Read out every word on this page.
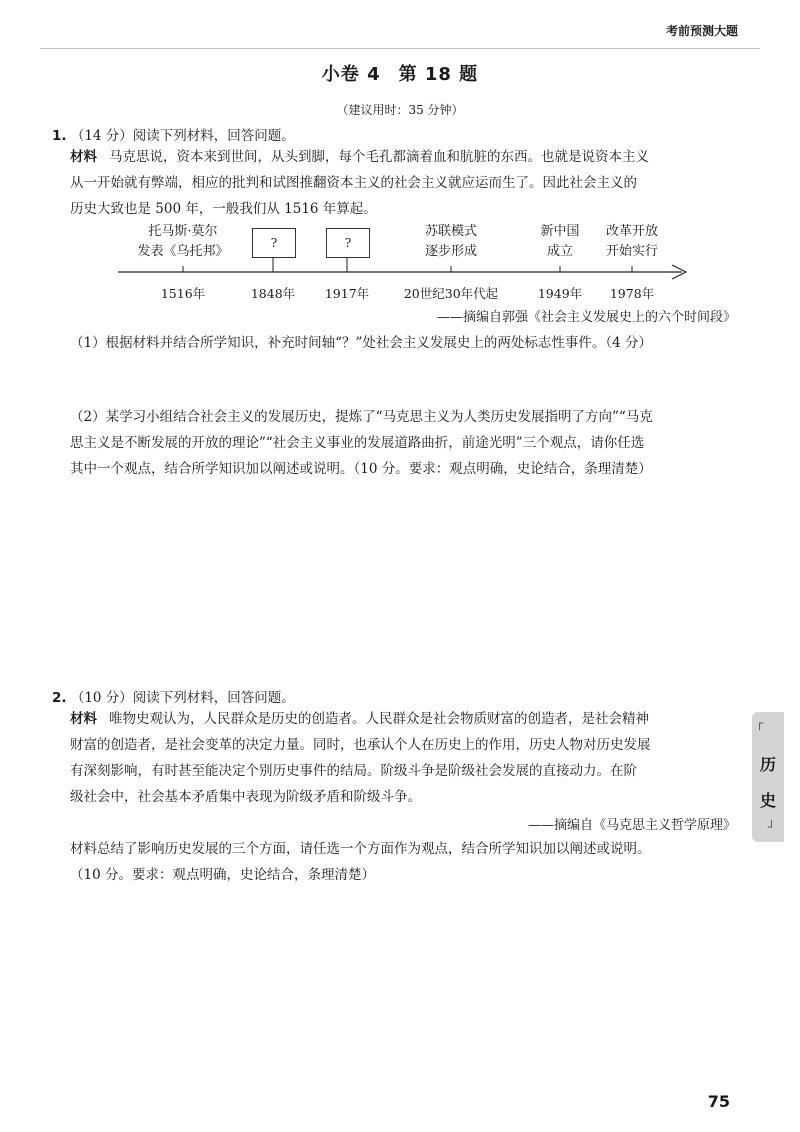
考前预测大题
小卷 4 第 18 题
（建议用时：35 分钟）
1. （14 分）阅读下列材料，回答问题。
材料 马克思说，资本来到世间，从头到脚，每个毛孔都滴着血和肮脏的东西。也就是说资本主义
从一开始就有弊端，相应的批判和试图推翻资本主义的社会主义就应运而生了。因此社会主义的
历史大致也是 500 年，一般我们从 1516 年算起。
托马斯·莫尔
发表《乌托邦》
?	?
苏联模式
逐步形成
新中国
成立
改革开放
开始实行
1516年	1848年	1917年	20世纪30年代起	1949年	1978年
——摘编自郭强《社会主义发展史上的六个时间段》
（1）根据材料并结合所学知识，补充时间轴“？”处社会主义发展史上的两处标志性事件。（4 分）
（2）某学习小组结合社会主义的发展历史，提炼了“马克思主义为人类历史发展指明了方向”“马克
思主义是不断发展的开放的理论”“社会主义事业的发展道路曲折，前途光明”三个观点，请你任选
其中一个观点，结合所学知识加以阐述或说明。（10 分。要求：观点明确，史论结合，条理清楚）
2. （10 分）阅读下列材料，回答问题。
材料 唯物史观认为，人民群众是历史的创造者。人民群众是社会物质财富的创造者，是社会精神
财富的创造者，是社会变革的决定力量。同时，也承认个人在历史上的作用，历史人物对历史发展
有深刻影响，有时甚至能决定个别历史事件的结局。阶级斗争是阶级社会发展的直接动力。在阶
级社会中，社会基本矛盾集中表现为阶级矛盾和阶级斗争。
——摘编自《马克思主义哲学原理》
材料总结了影响历史发展的三个方面，请任选一个方面作为观点，结合所学知识加以阐述或说明。
（10 分。要求：观点明确，史论结合，条理清楚）
┌
历
史
┘
75
